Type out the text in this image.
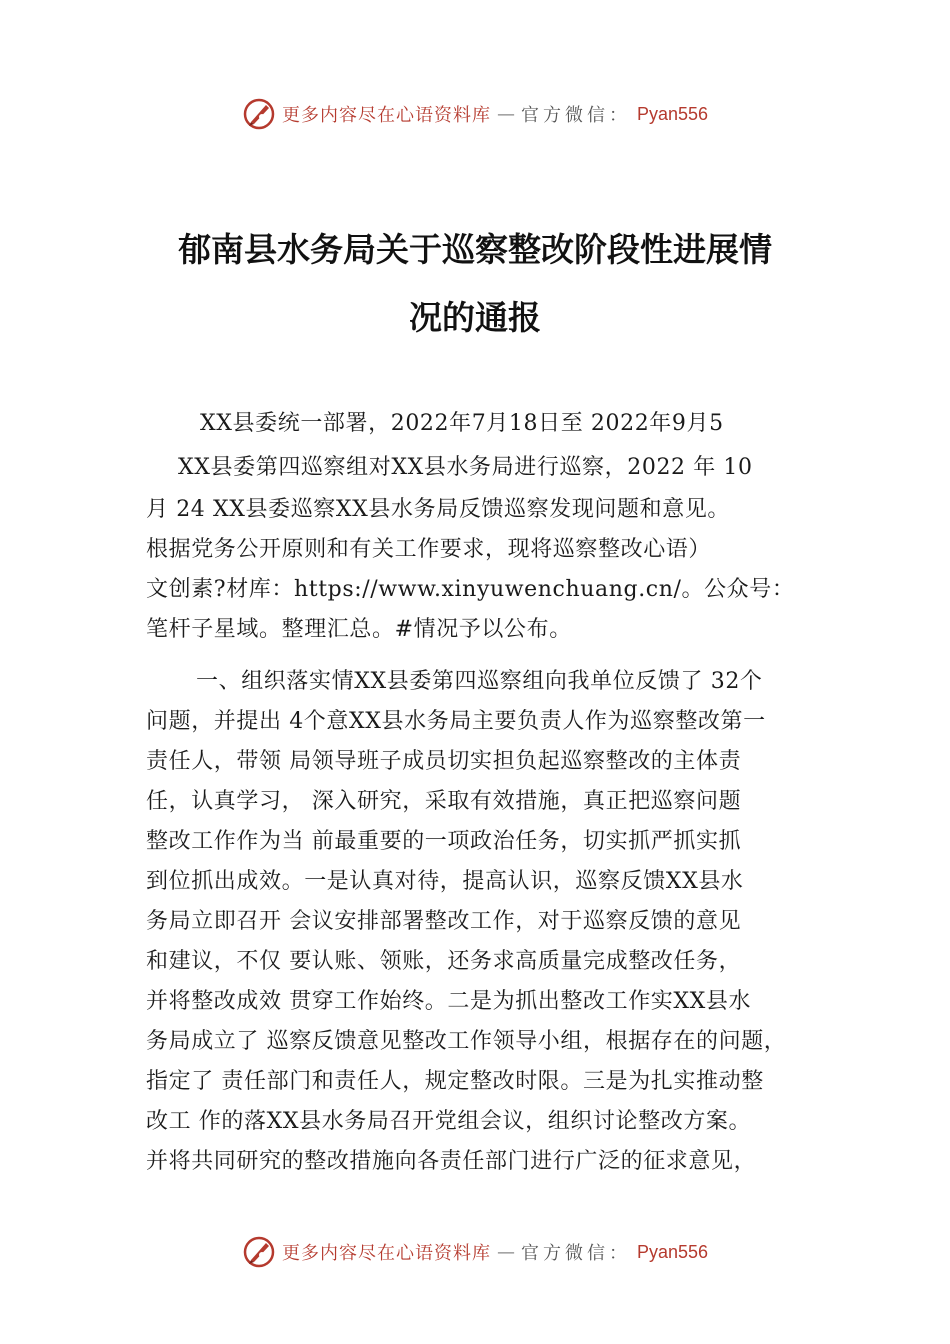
更多内容尽在心语资料库 — 官方微信： Pyan556
郁南县水务局关于巡察整改阶段性进展情
况的通报
XX县委统一部署，2022年7月18日至 2022年9月5
XX县委第四巡察组对XX县水务局进行巡察，2022 年 10
月 24 XX县委巡察XX县水务局反馈巡察发现问题和意见。
根据党务公开原则和有关工作要求，现将巡察整改心语）
文创素?材库：https://www.xinyuwenchuang.cn/。公众号：
笔杆子星域。整理汇总。#情况予以公布。
一、组织落实情XX县委第四巡察组向我单位反馈了 32个
问题，并提出 4个意XX县水务局主要负责人作为巡察整改第一
责任人，带领 局领导班子成员切实担负起巡察整改的主体责
任，认真学习， 深入研究，采取有效措施，真正把巡察问题
整改工作作为当 前最重要的一项政治任务，切实抓严抓实抓
到位抓出成效。一是认真对待，提高认识，巡察反馈XX县水
务局立即召开 会议安排部署整改工作，对于巡察反馈的意见
和建议，不仅 要认账、领账，还务求高质量完成整改任务，
并将整改成效 贯穿工作始终。二是为抓出整改工作实XX县水
务局成立了 巡察反馈意见整改工作领导小组，根据存在的问题，
指定了 责任部门和责任人，规定整改时限。三是为扎实推动整
改工 作的落XX县水务局召开党组会议，组织讨论整改方案。
并将共同研究的整改措施向各责任部门进行广泛的征求意见，
更多内容尽在心语资料库 — 官方微信： Pyan556
